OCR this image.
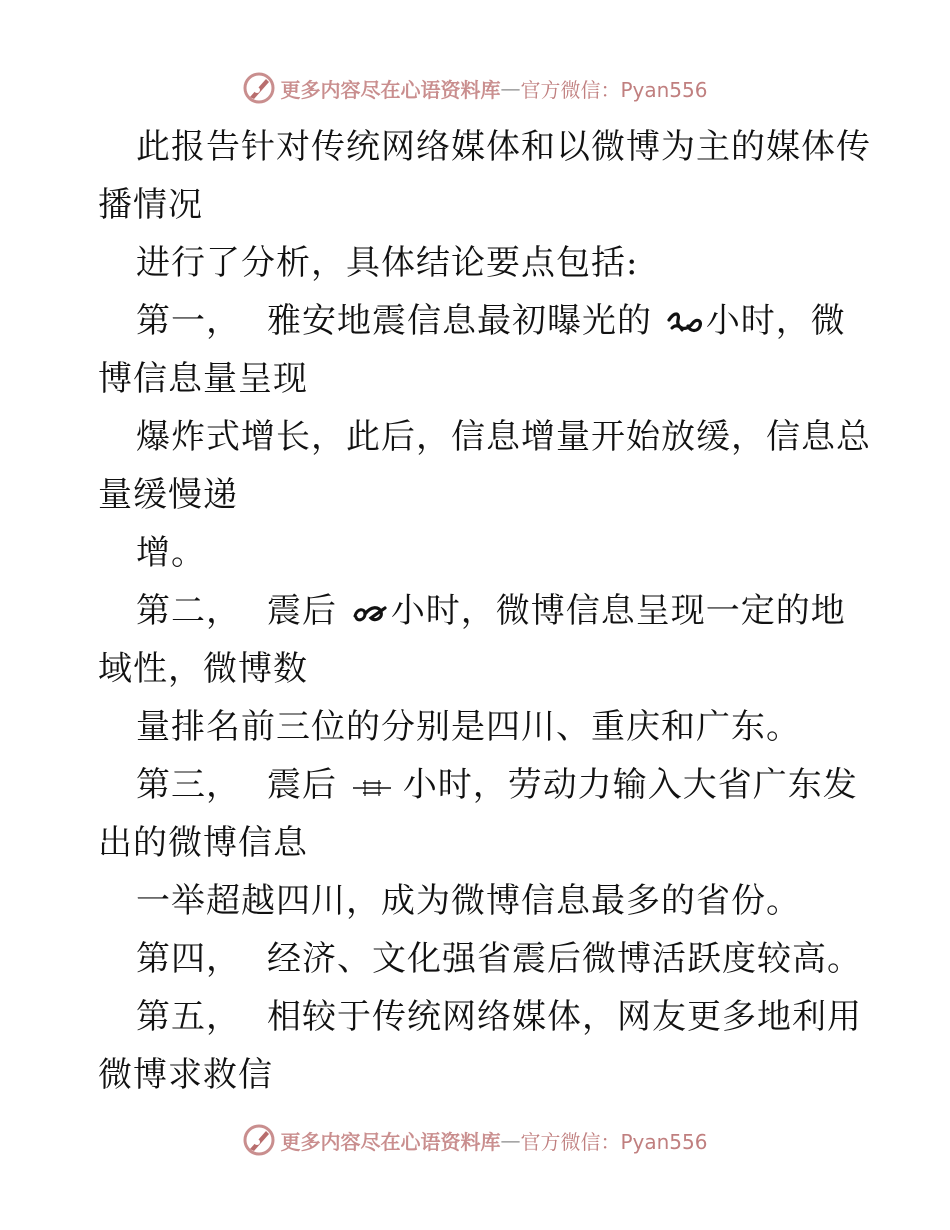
更多内容尽在心语资料库 — 官方微信：Pyan556
此报告针对传统网络媒体和以微博为主的媒体传
播情况
进行了分析，具体结论要点包括:
第一， 雅安地震信息最初曝光的 小时，微
博信息量呈现
爆炸式增长，此后，信息增量开始放缓，信息总
量缓慢递
增。
第二， 震后 小时，微博信息呈现一定的地
域性，微博数
量排名前三位的分别是四川、重庆和广东。
第三， 震后 小时，劳动力输入大省广东发
出的微博信息
一举超越四川，成为微博信息最多的省份。
第四， 经济、文化强省震后微博活跃度较高。
第五， 相较于传统网络媒体，网友更多地利用
微博求救信
更多内容尽在心语资料库 — 官方微信：Pyan556
